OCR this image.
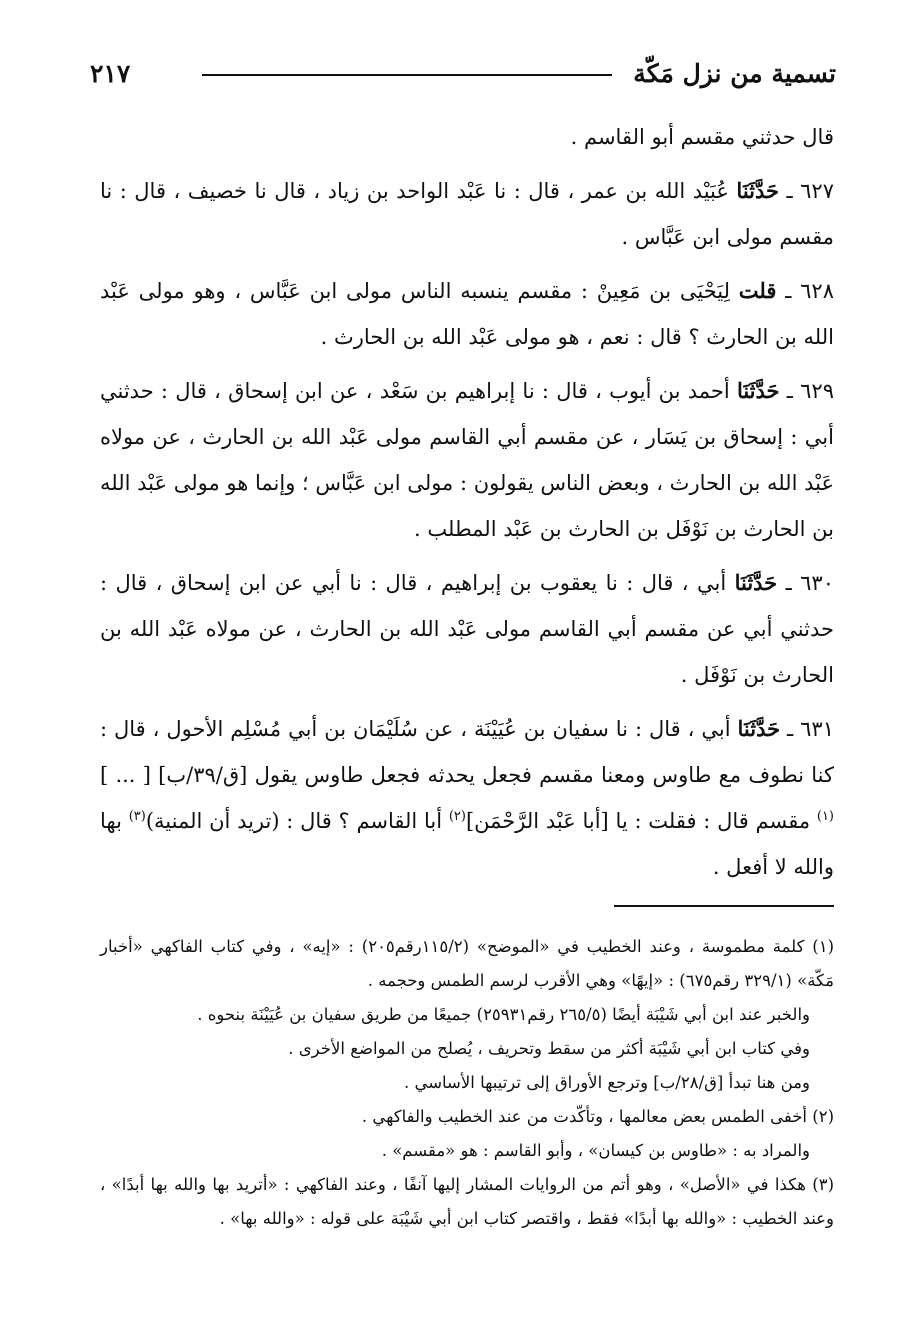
تسمية من نزل مَكّة
٢١٧

قال حدثني مقسم أبو القاسم .

٦٢٧ ـ حَدَّثَنَا عُبَيْد الله بن عمر ، قال : نا عَبْد الواحد بن زياد ، قال نا خصيف ، قال : نا مقسم مولى ابن عَبَّاس .

٦٢٨ ـ قلت لِيَحْيَى بن مَعِينْ : مقسم ينسبه الناس مولى ابن عَبَّاس ، وهو مولى عَبْد الله بن الحارث ؟ قال : نعم ، هو مولى عَبْد الله بن الحارث .

٦٢٩ ـ حَدَّثَنَا أحمد بن أيوب ، قال : نا إبراهيم بن سَعْد ، عن ابن إسحاق ، قال : حدثني أبي : إسحاق بن يَسَار ، عن مقسم أبي القاسم مولى عَبْد الله بن الحارث ، عن مولاه عَبْد الله بن الحارث ، وبعض الناس يقولون : مولى ابن عَبَّاس ؛ وإنما هو مولى عَبْد الله بن الحارث بن نَوْفَل بن الحارث بن عَبْد المطلب .

٦٣٠ ـ حَدَّثَنَا أبي ، قال : نا يعقوب بن إبراهيم ، قال : نا أبي عن ابن إسحاق ، قال : حدثني أبي عن مقسم أبي القاسم مولى عَبْد الله بن الحارث ، عن مولاه عَبْد الله بن الحارث بن نَوْفَل .

٦٣١ ـ حَدَّثَنَا أبي ، قال : نا سفيان بن عُيَيْنَة ، عن سُلَيْمَان بن أبي مُسْلِم الأحول ، قال : كنا نطوف مع طاوس ومعنا مقسم فجعل يحدثه فجعل طاوس يقول [ق/٣٩/ب] [ ... ]$^{(١)}$ مقسم قال : فقلت : يا [أبا عَبْد الرَّحْمَن]$^{(٢)}$ أبا القاسم ؟ قال : (تريد أن المنية)$^{(٣)}$ بها والله لا أفعل .

(١) كلمة مطموسة ، وعند الخطيب في «الموضح» (١١٥/٢رقم٢٠٥) : «إيه» ، وفي كتاب الفاكهي «أخبار مَكّة» (٣٢٩/١ رقم٦٧٥) : «إيهًا» وهي الأقرب لرسم الطمس وحجمه .

والخبر عند ابن أبي شَيْبَة أيضًا (٢٦٥/٥ رقم٢٥٩٣١) جميعًا من طريق سفيان بن عُيَيْنَة بنحوه .

وفي كتاب ابن أبي شَيْبَة أكثر من سقط وتحريف ، يُصلح من المواضع الأخرى .

ومن هنا تبدأ [ق/٢٨/ب] وترجع الأوراق إلى ترتيبها الأساسي .

(٢) أخفى الطمس بعض معالمها ، وتأكّدت من عند الخطيب والفاكهي .

والمراد به : «طاوس بن كيسان» ، وأبو القاسم : هو «مقسم» .

(٣) هكذا في «الأصل» ، وهو أتم من الروايات المشار إليها آنفًا ، وعند الفاكهي : «أتريد بها والله بها أبدًا» ، وعند الخطيب : «والله بها أبدًا» فقط ، واقتصر كتاب ابن أبي شَيْبَة على قوله : «والله بها» .
